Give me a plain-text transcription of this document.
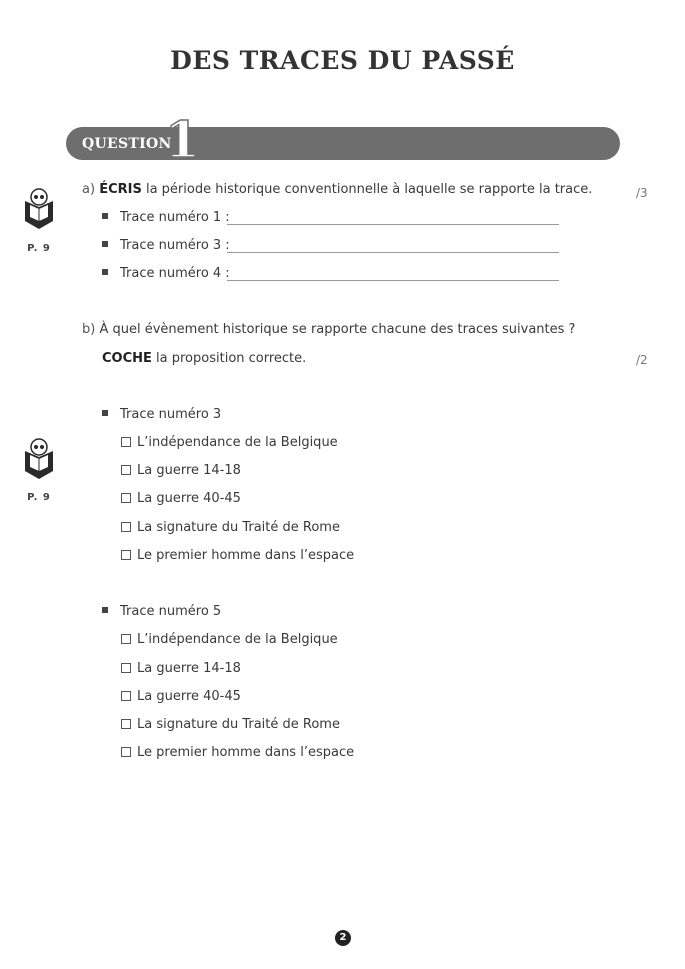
DES TRACES DU PASSÉ
QUESTION
1
P. 9
a) ÉCRIS la période historique conventionnelle à laquelle se rapporte la trace.	/3
Trace numéro 1 :
Trace numéro 3 :
Trace numéro 4 :
b) À quel évènement historique se rapporte chacune des traces suivantes ?
COCHE la proposition correcte.	/2
P. 9
Trace numéro 3
L’indépendance de la Belgique
La guerre 14-18
La guerre 40-45
La signature du Traité de Rome
Le premier homme dans l’espace
Trace numéro 5
L’indépendance de la Belgique
La guerre 14-18
La guerre 40-45
La signature du Traité de Rome
Le premier homme dans l’espace
2
